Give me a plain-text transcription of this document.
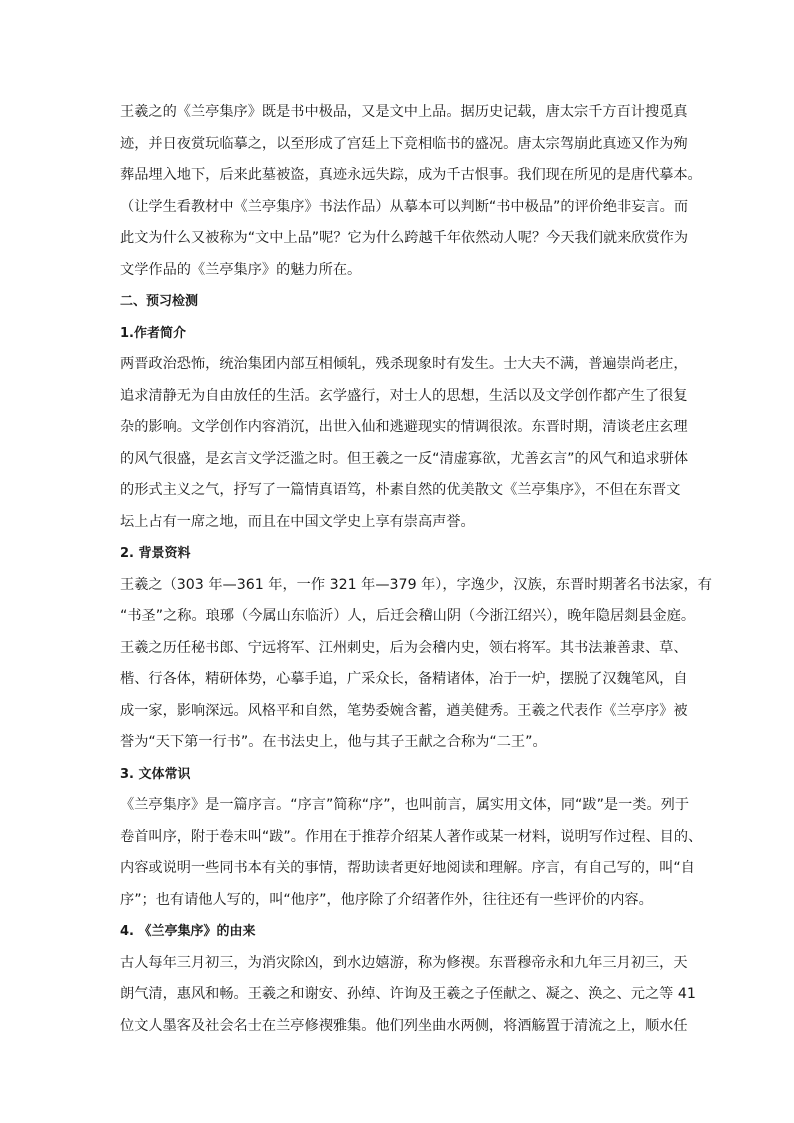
王羲之的《兰亭集序》既是书中极品，又是文中上品。据历史记载，唐太宗千方百计搜觅真
迹，并日夜赏玩临摹之，以至形成了宫廷上下竞相临书的盛况。唐太宗驾崩此真迹又作为殉
葬品埋入地下，后来此墓被盗，真迹永远失踪，成为千古恨事。我们现在所见的是唐代摹本。
（让学生看教材中《兰亭集序》书法作品）从摹本可以判断“书中极品”的评价绝非妄言。而
此文为什么又被称为“文中上品”呢？它为什么跨越千年依然动人呢？今天我们就来欣赏作为
文学作品的《兰亭集序》的魅力所在。
二、预习检测
1.作者简介
两晋政治恐怖，统治集团内部互相倾轧，残杀现象时有发生。士大夫不满，普遍崇尚老庄，
追求清静无为自由放任的生活。玄学盛行，对士人的思想，生活以及文学创作都产生了很复
杂的影响。文学创作内容消沉，出世入仙和逃避现实的情调很浓。东晋时期，清谈老庄玄理
的风气很盛，是玄言文学泛滥之时。但王羲之一反“清虚寡欲，尤善玄言”的风气和追求骈体
的形式主义之气，抒写了一篇情真语笃，朴素自然的优美散文《兰亭集序》，不但在东晋文
坛上占有一席之地，而且在中国文学史上享有崇高声誉。
2. 背景资料
王羲之（303 年—361 年，一作 321 年—379 年），字逸少，汉族，东晋时期著名书法家，有
“书圣”之称。琅琊（今属山东临沂）人，后迁会稽山阴（今浙江绍兴），晚年隐居剡县金庭。
王羲之历任秘书郎、宁远将军、江州刺史，后为会稽内史，领右将军。其书法兼善隶、草、
楷、行各体，精研体势，心摹手追，广采众长，备精诸体，冶于一炉，摆脱了汉魏笔风，自
成一家，影响深远。风格平和自然，笔势委婉含蓄，遒美健秀。王羲之代表作《兰亭序》被
誉为“天下第一行书”。在书法史上，他与其子王献之合称为“二王”。
3. 文体常识
《兰亭集序》是一篇序言。“序言”简称“序”，也叫前言，属实用文体，同“跋”是一类。列于
卷首叫序，附于卷末叫“跋”。作用在于推荐介绍某人著作或某一材料，说明写作过程、目的、
内容或说明一些同书本有关的事情，帮助读者更好地阅读和理解。序言，有自己写的，叫“自
序”；也有请他人写的，叫“他序”，他序除了介绍著作外，往往还有一些评价的内容。
4. 《兰亭集序》的由来
古人每年三月初三，为消灾除凶，到水边嬉游，称为修禊。东晋穆帝永和九年三月初三，天
朗气清，惠风和畅。王羲之和谢安、孙绰、许询及王羲之子侄献之、凝之、涣之、元之等 41
位文人墨客及社会名士在兰亭修禊雅集。他们列坐曲水两侧，将酒觞置于清流之上，顺水任
